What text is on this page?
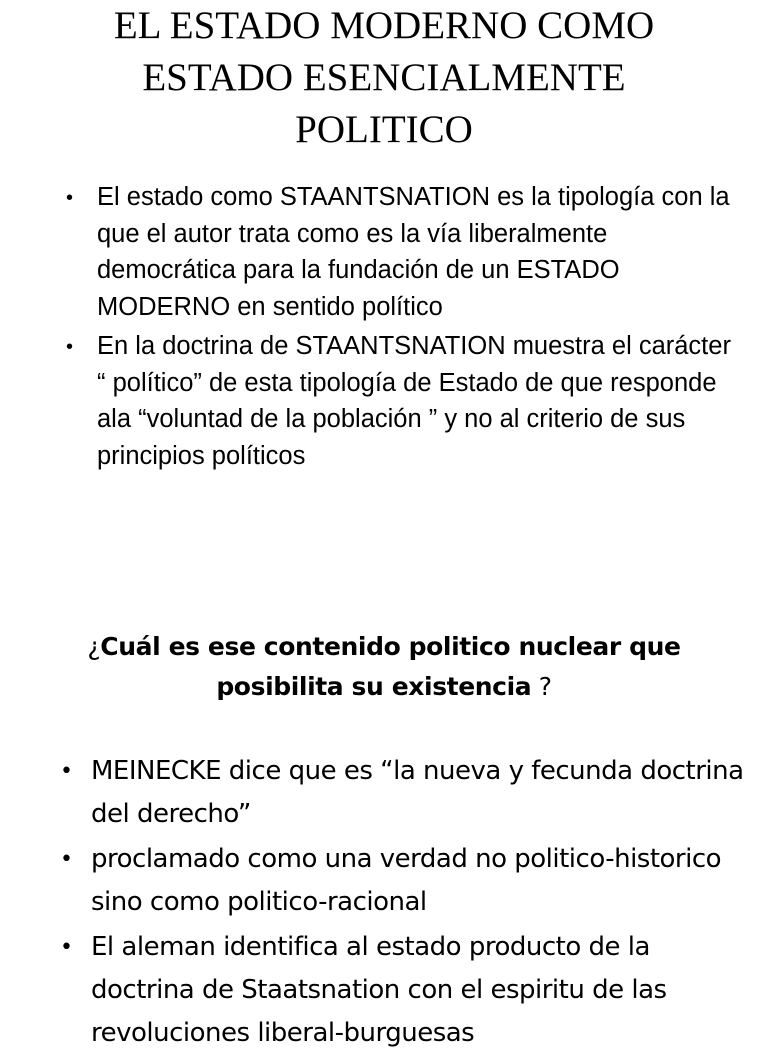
EL ESTADO MODERNO COMO
ESTADO ESENCIALMENTE
POLITICO
• El estado como STAANTSNATION es la tipología con la que el autor trata como es la vía liberalmente democrática para la fundación de un ESTADO MODERNO en sentido político
• En la doctrina de STAANTSNATION muestra el carácter “ político” de esta tipología de Estado de que responde ala “voluntad de la población ” y no al criterio de sus principios políticos
¿Cuál es ese contenido politico nuclear que posibilita su existencia ?
• MEINECKE dice que es “la nueva y fecunda doctrina del derecho”
• proclamado como una verdad no politico-historico sino como politico-racional
• El aleman identifica al estado producto de la doctrina de Staatsnation con el espiritu de las revoluciones liberal-burguesas
